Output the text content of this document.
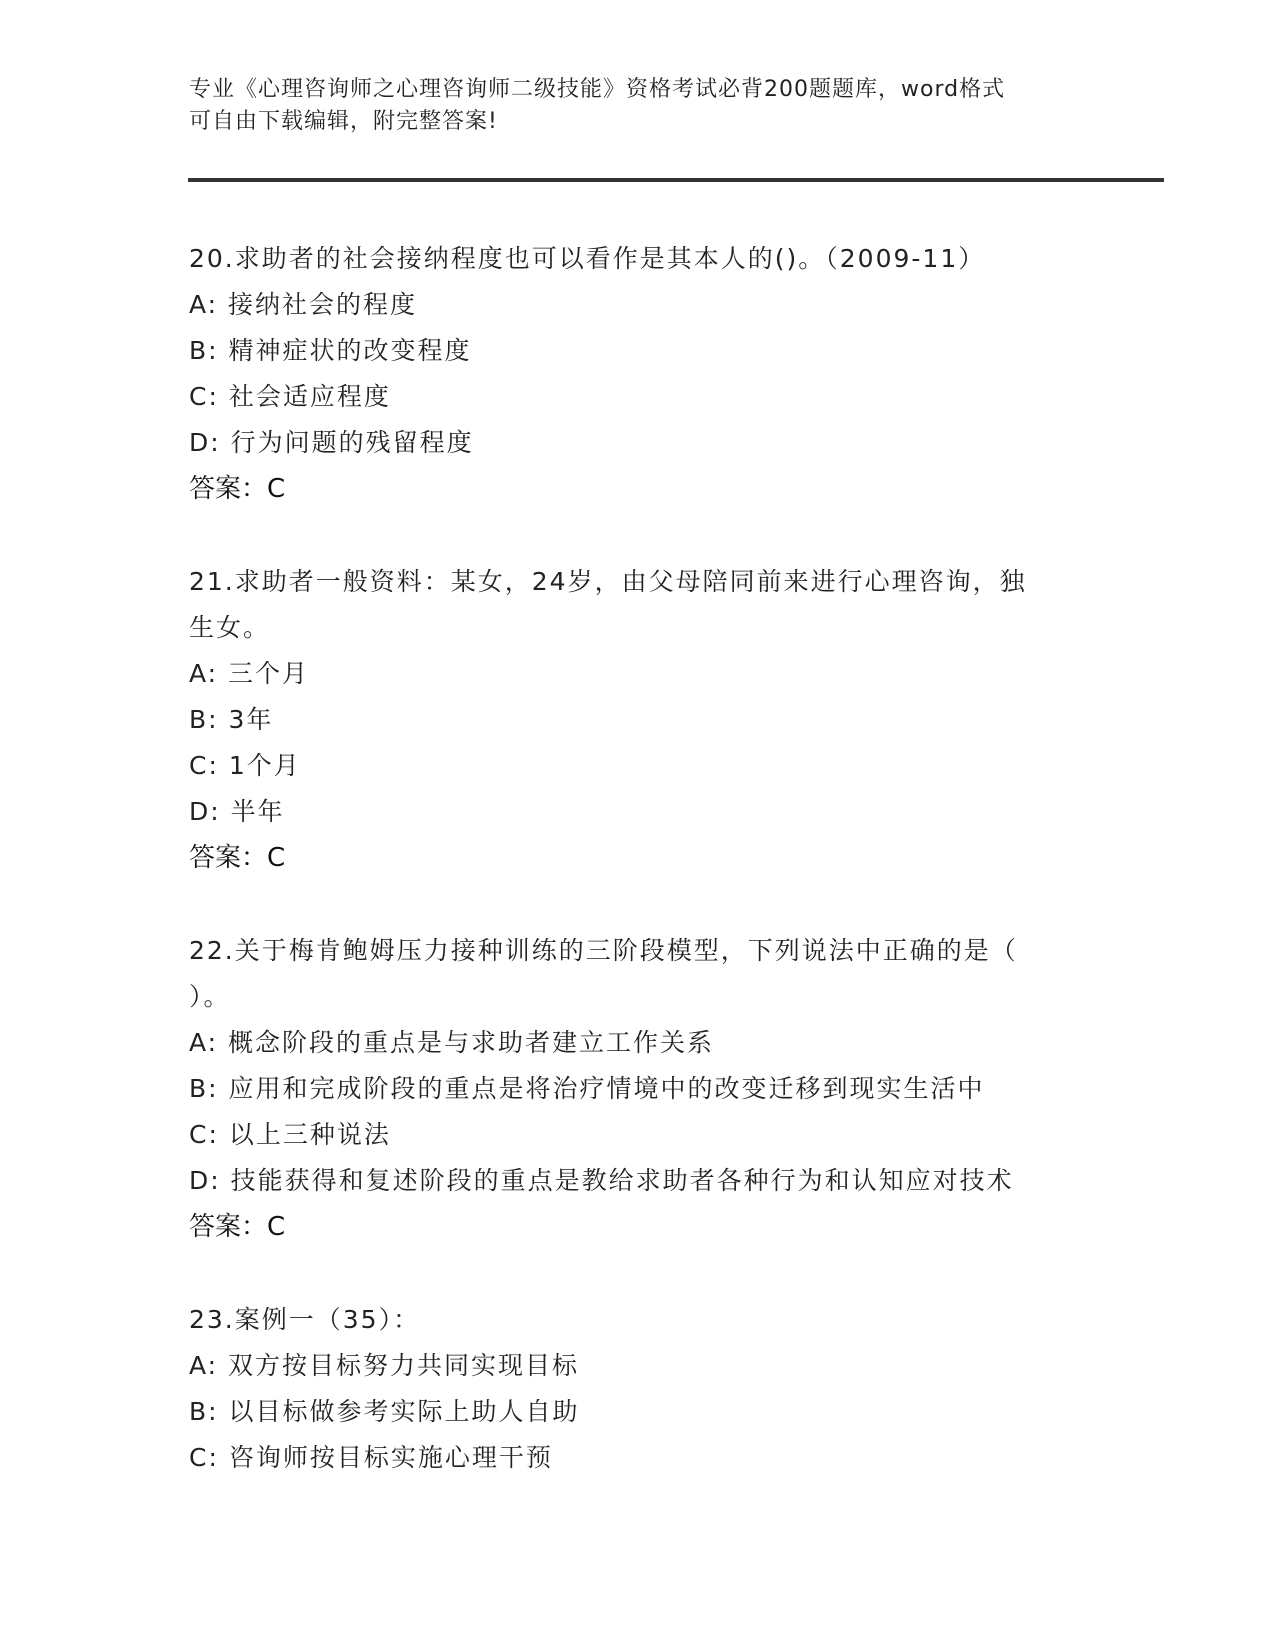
专业《心理咨询师之心理咨询师二级技能》资格考试必背200题题库，word格式
可自由下载编辑，附完整答案!
20.求助者的社会接纳程度也可以看作是其本人的()。（2009-11）
A: 接纳社会的程度
B: 精神症状的改变程度
C: 社会适应程度
D: 行为问题的残留程度
答案：C
21.求助者一般资料：某女，24岁，由父母陪同前来进行心理咨询，独
生女。
A: 三个月
B: 3年
C: 1个月
D: 半年
答案：C
22.关于梅肯鲍姆压力接种训练的三阶段模型，下列说法中正确的是（
）。
A: 概念阶段的重点是与求助者建立工作关系
B: 应用和完成阶段的重点是将治疗情境中的改变迁移到现实生活中
C: 以上三种说法
D: 技能获得和复述阶段的重点是教给求助者各种行为和认知应对技术
答案：C
23.案例一（35）：
A: 双方按目标努力共同实现目标
B: 以目标做参考实际上助人自助
C: 咨询师按目标实施心理干预
